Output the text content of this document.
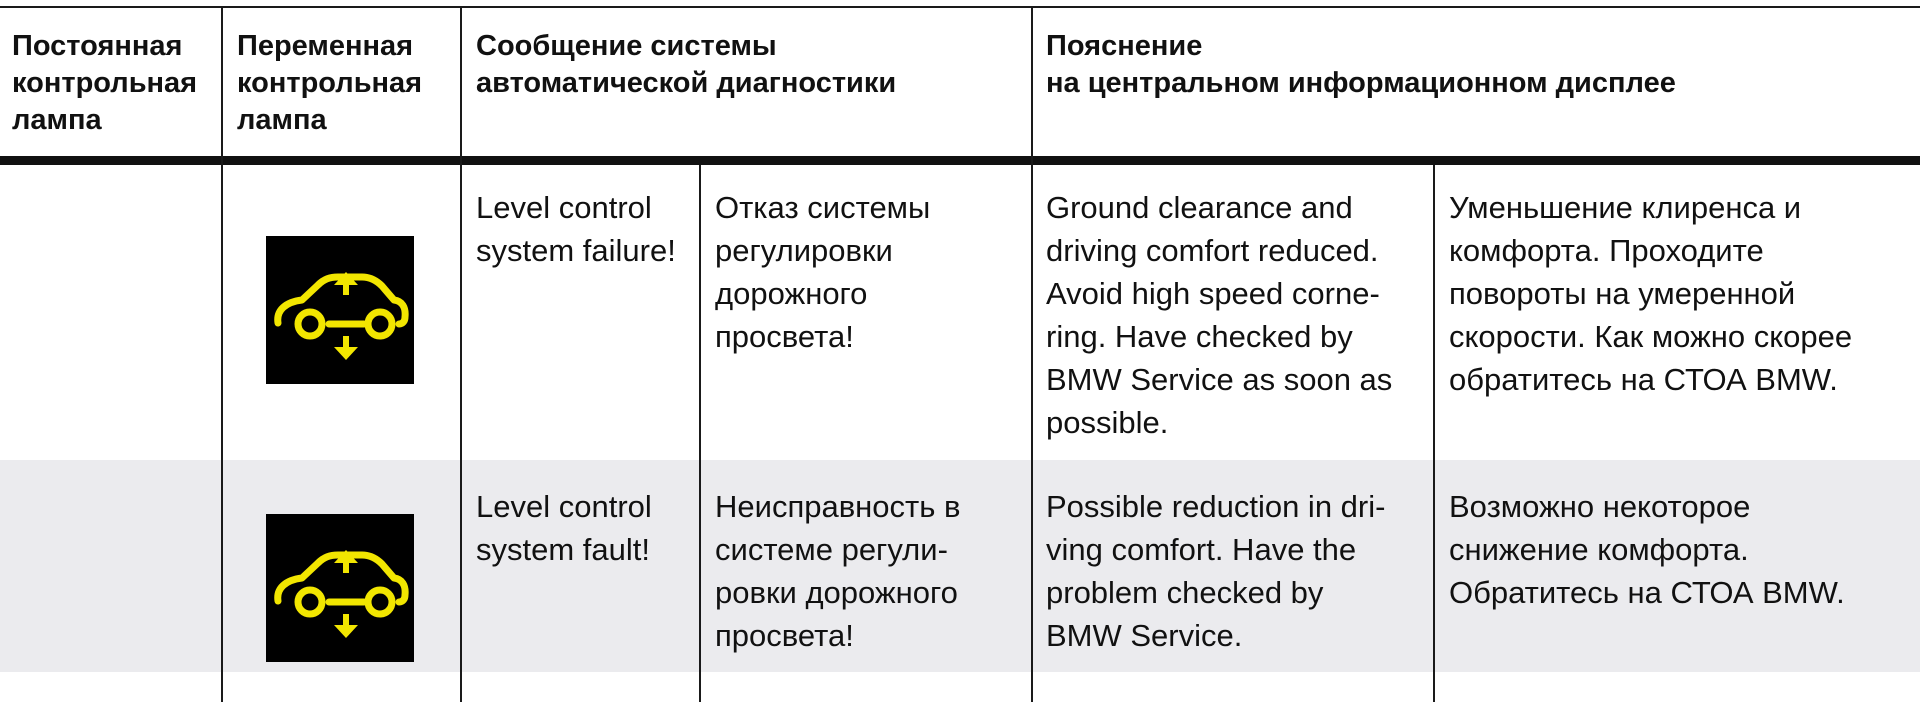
Постоянная
контрольная
лампа
Переменная
контрольная
лампа
Сообщение системы
автоматической диагностики
Пояснение
на центральном информационном дисплее
Level control
system failure!
Отказ системы
регулировки
дорожного
просвета!
Ground clearance and
driving comfort reduced.
Avoid high speed corne-
ring. Have checked by
BMW Service as soon as
possible.
Уменьшение клиренса и
комфорта. Проходите
повороты на умеренной
скорости. Как можно скорее
обратитесь на СТОА BMW.
Level control
system fault!
Неисправность в
системе регули-
ровки дорожного
просвета!
Possible reduction in dri-
ving comfort. Have the
problem checked by
BMW Service.
Возможно некоторое
снижение комфорта.
Обратитесь на СТОА BMW.
